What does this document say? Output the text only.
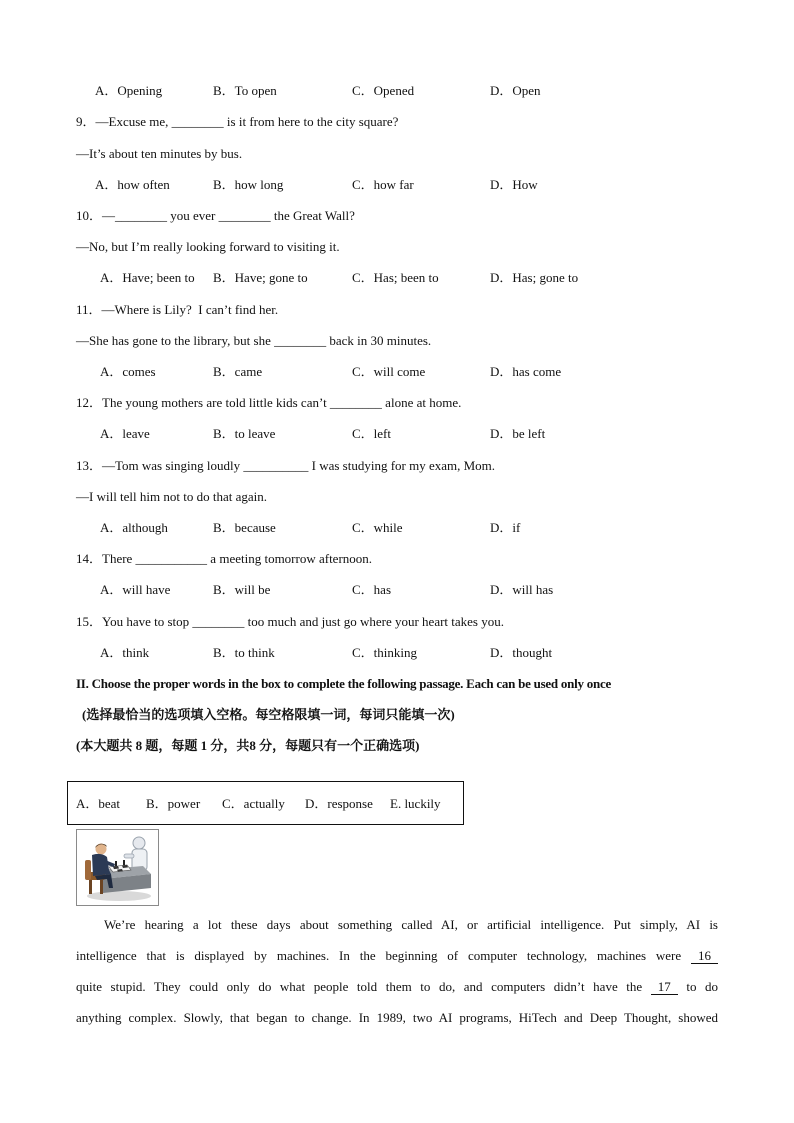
A．Opening	B．To open	C．Opened	D．Open
9．—Excuse me, ________ is it from here to the city square?
—It’s about ten minutes by bus.
A．how often	B．how long	C．how far	D．How
10．—________ you ever ________ the Great Wall?
—No, but I’m really looking forward to visiting it.
A．Have; been to B．Have; gone to	C．Has; been to	D．Has; gone to
11．—Where is Lily?  I can’t find her.
—She has gone to the library, but she ________ back in 30 minutes.
A．comes	B．came	C．will come	D．has come
12．The young mothers are told little kids can’t ________ alone at home.
A．leave	B．to leave	C．left	D．be left
13．—Tom was singing loudly __________ I was studying for my exam, Mom.
—I will tell him not to do that again.
A．although	B．because	C．while	D．if
14．There ___________ a meeting tomorrow afternoon.
A．will have	B．will be	C．has	D．will has
15．You have to stop ________ too much and just go where your heart takes you.
A．think	B．to think	C．thinking	D．thought
II. Choose the proper words in the box to complete the following passage. Each can be used only once
(选择最恰当的选项填入空格。每空格限填一词，每词只能填一次)
(本大题共 8 题，每题 1 分，共8 分，每题只有一个正确选项)
A．beat B．power C．actually D．response E. luckily
We’re hearing a lot these days about something called AI, or artificial intelligence. Put simply, AI is
intelligence that is displayed by machines. In the beginning of computer technology, machines were 16
quite stupid. They could only do what people told them to do, and computers didn’t have the 17 to do
anything complex. Slowly, that began to change. In 1989, two AI programs, HiTech and Deep Thought, showed
